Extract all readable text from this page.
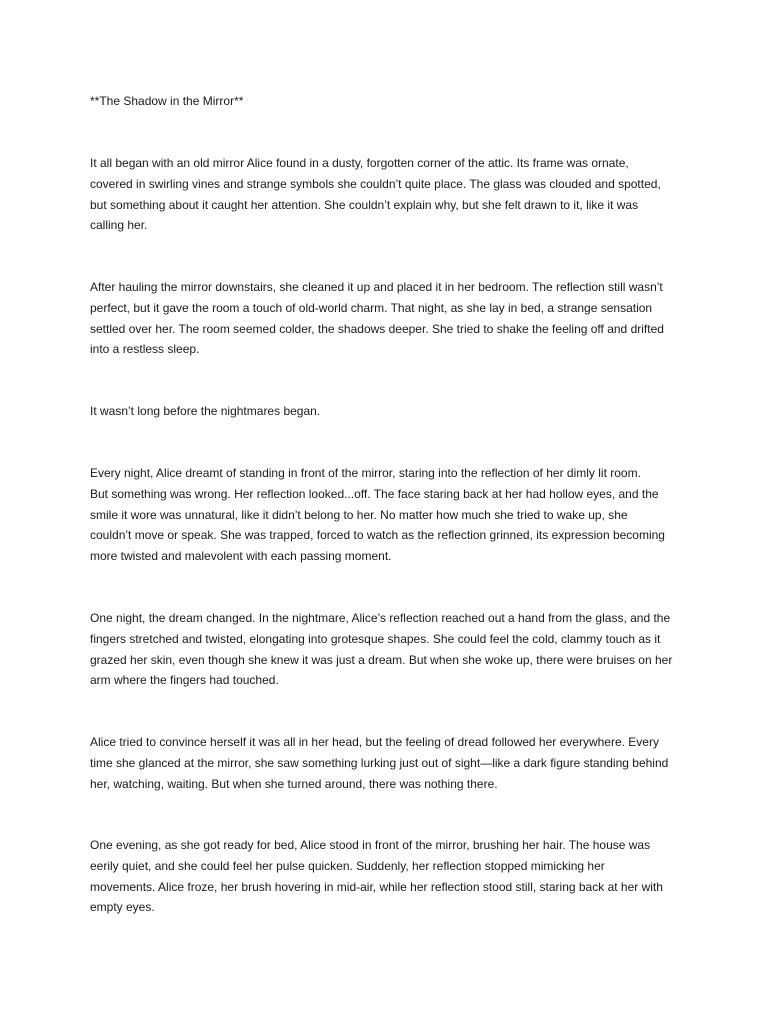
**The Shadow in the Mirror**

It all began with an old mirror Alice found in a dusty, forgotten corner of the attic. Its frame was ornate,
covered in swirling vines and strange symbols she couldn’t quite place. The glass was clouded and spotted,
but something about it caught her attention. She couldn’t explain why, but she felt drawn to it, like it was
calling her.

After hauling the mirror downstairs, she cleaned it up and placed it in her bedroom. The reflection still wasn’t
perfect, but it gave the room a touch of old-world charm. That night, as she lay in bed, a strange sensation
settled over her. The room seemed colder, the shadows deeper. She tried to shake the feeling off and drifted
into a restless sleep.

It wasn’t long before the nightmares began.

Every night, Alice dreamt of standing in front of the mirror, staring into the reflection of her dimly lit room.
But something was wrong. Her reflection looked...off. The face staring back at her had hollow eyes, and the
smile it wore was unnatural, like it didn’t belong to her. No matter how much she tried to wake up, she
couldn’t move or speak. She was trapped, forced to watch as the reflection grinned, its expression becoming
more twisted and malevolent with each passing moment.

One night, the dream changed. In the nightmare, Alice’s reflection reached out a hand from the glass, and the
fingers stretched and twisted, elongating into grotesque shapes. She could feel the cold, clammy touch as it
grazed her skin, even though she knew it was just a dream. But when she woke up, there were bruises on her
arm where the fingers had touched.

Alice tried to convince herself it was all in her head, but the feeling of dread followed her everywhere. Every
time she glanced at the mirror, she saw something lurking just out of sight—like a dark figure standing behind
her, watching, waiting. But when she turned around, there was nothing there.

One evening, as she got ready for bed, Alice stood in front of the mirror, brushing her hair. The house was
eerily quiet, and she could feel her pulse quicken. Suddenly, her reflection stopped mimicking her
movements. Alice froze, her brush hovering in mid-air, while her reflection stood still, staring back at her with
empty eyes.
